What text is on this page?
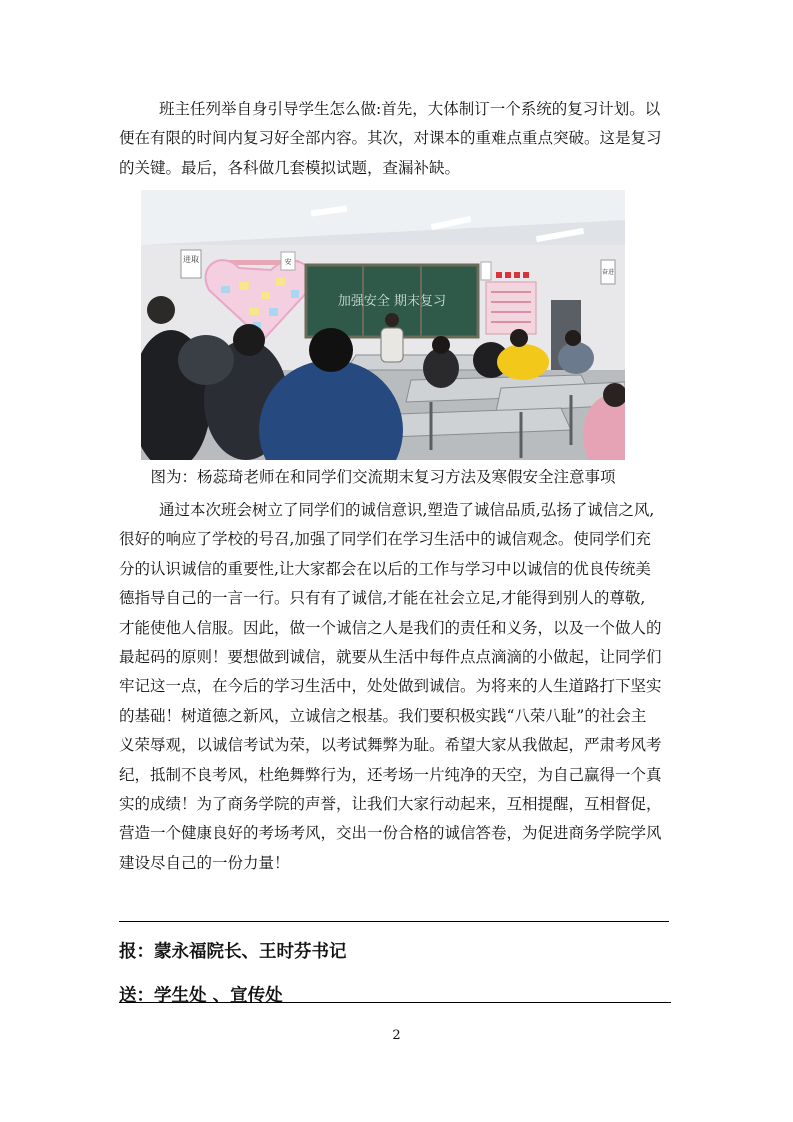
班主任列举自身引导学生怎么做:首先，大体制订一个系统的复习计划。以
便在有限的时间内复习好全部内容。其次，对课本的重难点重点突破。这是复习
的关键。最后，各科做几套模拟试题，查漏补缺。
进取	安
加强安全 期末复习
奋进
图为：杨蕊琦老师在和同学们交流期末复习方法及寒假安全注意事项
通过本次班会树立了同学们的诚信意识,塑造了诚信品质,弘扬了诚信之风,
很好的响应了学校的号召,加强了同学们在学习生活中的诚信观念。使同学们充
分的认识诚信的重要性,让大家都会在以后的工作与学习中以诚信的优良传统美
德指导自己的一言一行。只有有了诚信,才能在社会立足,才能得到别人的尊敬,
才能使他人信服。因此，做一个诚信之人是我们的责任和义务，以及一个做人的
最起码的原则！要想做到诚信，就要从生活中每件点点滴滴的小做起，让同学们
牢记这一点，在今后的学习生活中，处处做到诚信。为将来的人生道路打下坚实
的基础！树道德之新风，立诚信之根基。我们要积极实践“八荣八耻”的社会主
义荣辱观，以诚信考试为荣，以考试舞弊为耻。希望大家从我做起，严肃考风考
纪，抵制不良考风，杜绝舞弊行为，还考场一片纯净的天空，为自己赢得一个真
实的成绩！为了商务学院的声誉，让我们大家行动起来，互相提醒，互相督促，
营造一个健康良好的考场考风，交出一份合格的诚信答卷，为促进商务学院学风
建设尽自己的一份力量！
报：蒙永福院长、王时芬书记
送：学生处 、宣传处
2
